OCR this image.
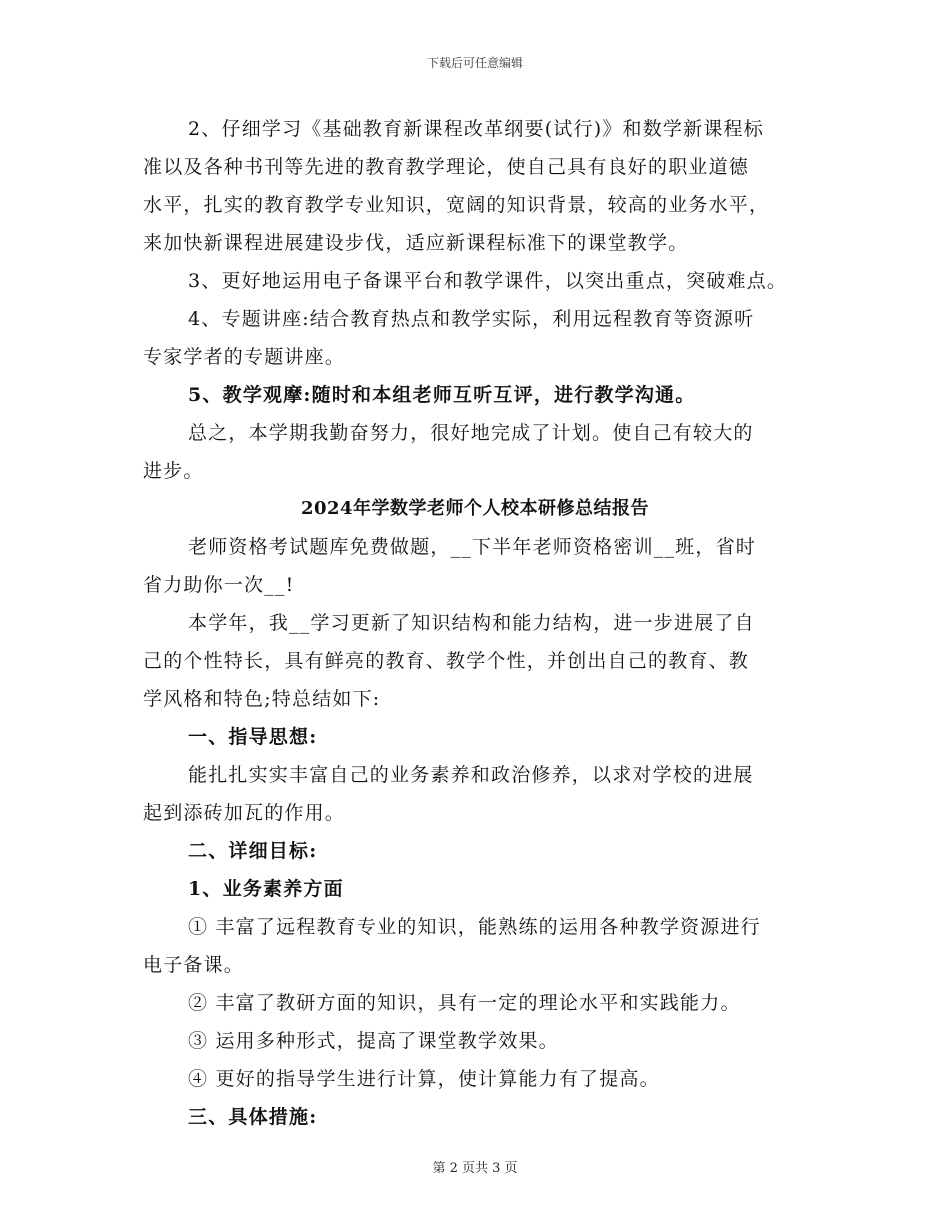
下载后可任意编辑
2、仔细学习《基础教育新课程改革纲要(试行)》和数学新课程标
准以及各种书刊等先进的教育教学理论，使自己具有良好的职业道德
水平，扎实的教育教学专业知识，宽阔的知识背景，较高的业务水平，
来加快新课程进展建设步伐，适应新课程标准下的课堂教学。
3、更好地运用电子备课平台和教学课件，以突出重点，突破难点。
4、专题讲座:结合教育热点和教学实际，利用远程教育等资源听
专家学者的专题讲座。
5、教学观摩:随时和本组老师互听互评，进行教学沟通。
总之，本学期我勤奋努力，很好地完成了计划。使自己有较大的
进步。
2024年学数学老师个人校本研修总结报告
老师资格考试题库免费做题，__下半年老师资格密训__班，省时
省力助你一次__!
本学年，我__学习更新了知识结构和能力结构，进一步进展了自
己的个性特长，具有鲜亮的教育、教学个性，并创出自己的教育、教
学风格和特色;特总结如下:
一、指导思想:
能扎扎实实丰富自己的业务素养和政治修养，以求对学校的进展
起到添砖加瓦的作用。
二、详细目标:
1、业务素养方面
① 丰富了远程教育专业的知识，能熟练的运用各种教学资源进行
电子备课。
② 丰富了教研方面的知识，具有一定的理论水平和实践能力。
③ 运用多种形式，提高了课堂教学效果。
④ 更好的指导学生进行计算，使计算能力有了提高。
三、具体措施:
第 2 页共 3 页
